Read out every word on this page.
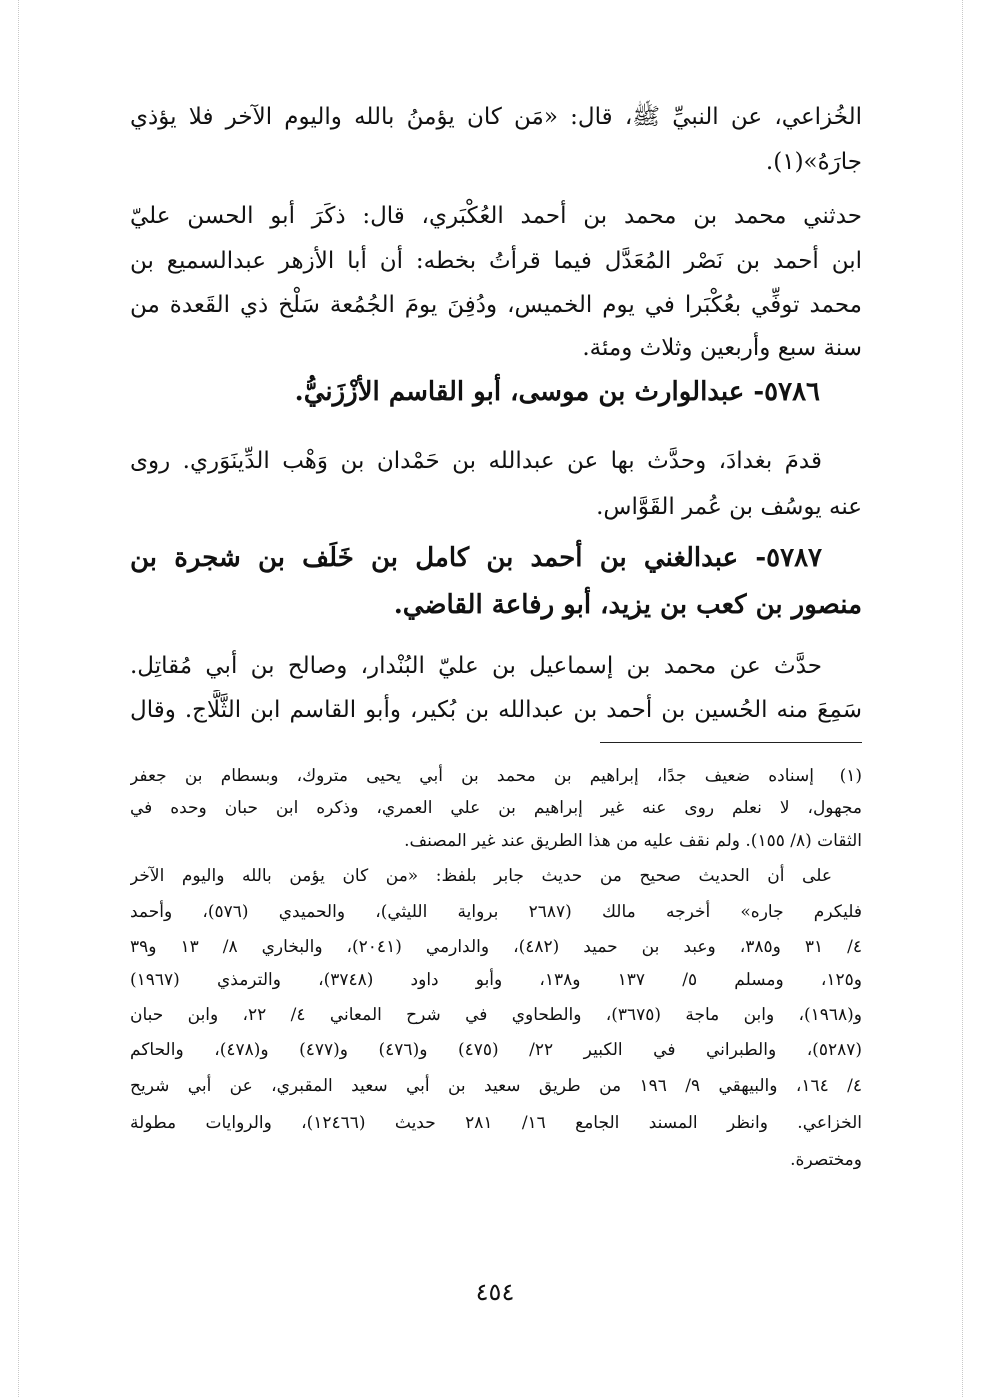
الخُزاعي، عن النبيِّ ﷺ، قال: «مَن كان يؤمنُ بالله واليوم الآخر فلا يؤذي
جارَهُ»(١).
حدثني محمد بن محمد بن أحمد العُكْبَري، قال: ذكَرَ أبو الحسن عليّ
ابن أحمد بن نَصْر المُعَدَّل فيما قرأتُ بخطه: أن أبا الأزهر عبدالسميع بن
محمد توفِّي بعُكْبَرا في يوم الخميس، ودُفِنَ يومَ الجُمُعة سَلْخ ذي القَعدة من
سنة سبع وأربعين وثلاث ومئة.
٥٧٨٦- عبدالوارث بن موسى، أبو القاسم الأزْزَنيُّ.
قدمَ بغدادَ، وحدَّث بها عن عبدالله بن حَمْدان بن وَهْب الدِّينَوَري. روى
عنه يوسُف بن عُمر القَوَّاس.
٥٧٨٧- عبدالغني بن أحمد بن كامل بن خَلَف بن شجرة بن
منصور بن كعب بن يزيد، أبو رفاعة القاضي.
حدَّث عن محمد بن إسماعيل بن عليّ البُنْدار، وصالح بن أبي مُقاتِل.
سَمِعَ منه الحُسين بن أحمد بن عبدالله بن بُكير، وأبو القاسم ابن الثَّلَّاج. وقال
(١)
إسناده ضعيف جدًا، إبراهيم بن محمد بن أبي يحيى متروك، وبسطام بن جعفر
مجهول، لا نعلم روى عنه غير إبراهيم بن علي العمري، وذكره ابن حبان وحده في
الثقات (٨/ ١٥٥). ولم نقف عليه من هذا الطريق عند غير المصنف.
على أن الحديث صحيح من حديث جابر بلفظ: «من كان يؤمن بالله واليوم الآخر
فليكرم جاره» أخرجه مالك (٢٦٨٧ برواية الليثي)، والحميدي (٥٧٦)، وأحمد
٤/ ٣١ و٣٨٥، وعبد بن حميد (٤٨٢)، والدارمي (٢٠٤١)، والبخاري ٨/ ١٣ و٣٩
و١٢٥، ومسلم ٥/ ١٣٧ و١٣٨، وأبو داود (٣٧٤٨)، والترمذي (١٩٦٧)
و(١٩٦٨)، وابن ماجة (٣٦٧٥)، والطحاوي في شرح المعاني ٤/ ٢٢، وابن حبان
(٥٢٨٧)، والطبراني في الكبير ٢٢/ (٤٧٥) و(٤٧٦) و(٤٧٧) و(٤٧٨)، والحاكم
٤/ ١٦٤، والبيهقي ٩/ ١٩٦ من طريق سعيد بن أبي سعيد المقبري، عن أبي شريح
الخزاعي. وانظر المسند الجامع ١٦/ ٢٨١ حديث (١٢٤٦٦)، والروايات مطولة
ومختصرة.
٤٥٤
